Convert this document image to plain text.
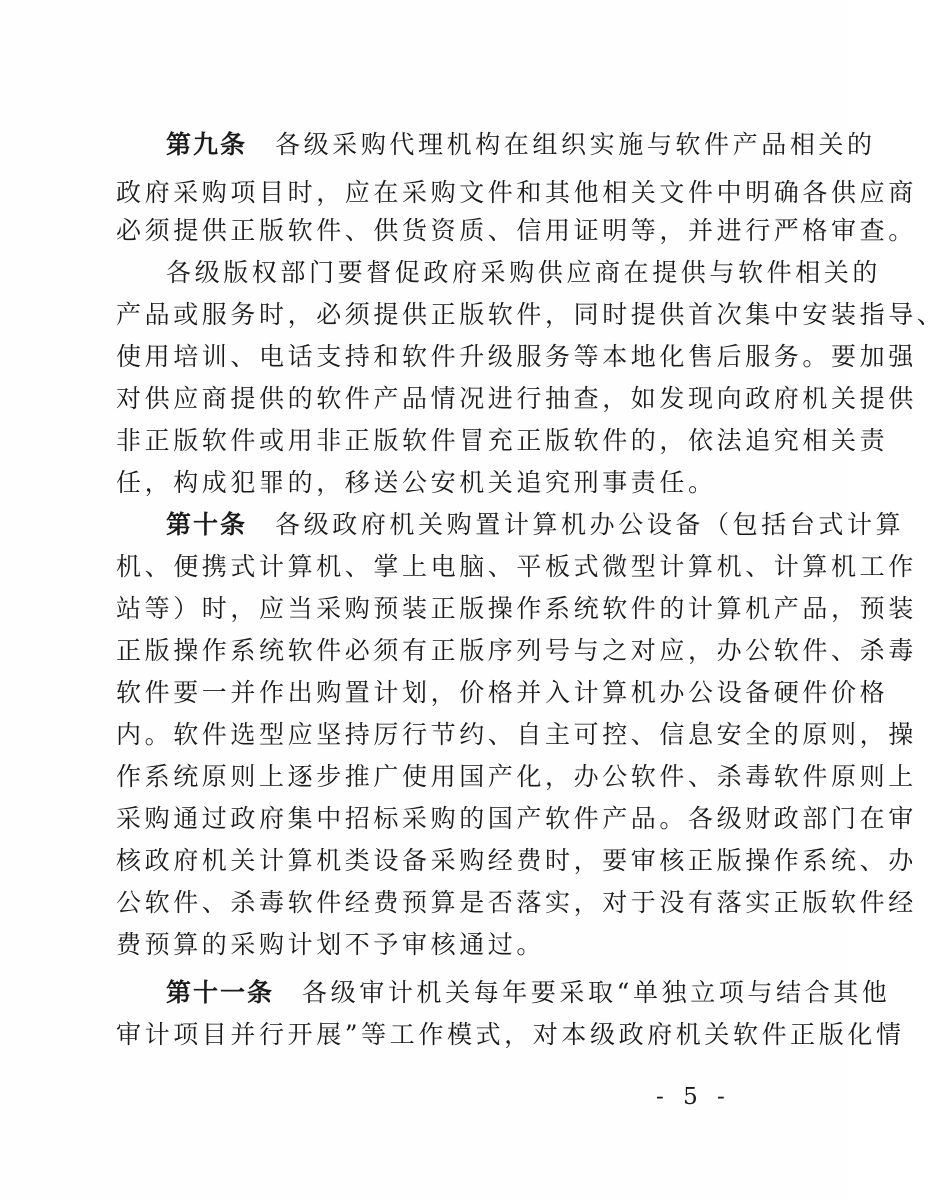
第九条 各级采购代理机构在组织实施与软件产品相关的
政府采购项目时，应在采购文件和其他相关文件中明确各供应商
必须提供正版软件、供货资质、信用证明等，并进行严格审查。
各级版权部门要督促政府采购供应商在提供与软件相关的
产品或服务时，必须提供正版软件，同时提供首次集中安装指导、
使用培训、电话支持和软件升级服务等本地化售后服务。要加强
对供应商提供的软件产品情况进行抽查，如发现向政府机关提供
非正版软件或用非正版软件冒充正版软件的，依法追究相关责
任，构成犯罪的，移送公安机关追究刑事责任。
第十条 各级政府机关购置计算机办公设备（包括台式计算
机、便携式计算机、掌上电脑、平板式微型计算机、计算机工作
站等）时，应当采购预装正版操作系统软件的计算机产品，预装
正版操作系统软件必须有正版序列号与之对应，办公软件、杀毒
软件要一并作出购置计划，价格并入计算机办公设备硬件价格
内。软件选型应坚持厉行节约、自主可控、信息安全的原则，操
作系统原则上逐步推广使用国产化，办公软件、杀毒软件原则上
采购通过政府集中招标采购的国产软件产品。各级财政部门在审
核政府机关计算机类设备采购经费时，要审核正版操作系统、办
公软件、杀毒软件经费预算是否落实，对于没有落实正版软件经
费预算的采购计划不予审核通过。
第十一条 各级审计机关每年要采取“单独立项与结合其他
审计项目并行开展”等工作模式，对本级政府机关软件正版化情
- 5 -
